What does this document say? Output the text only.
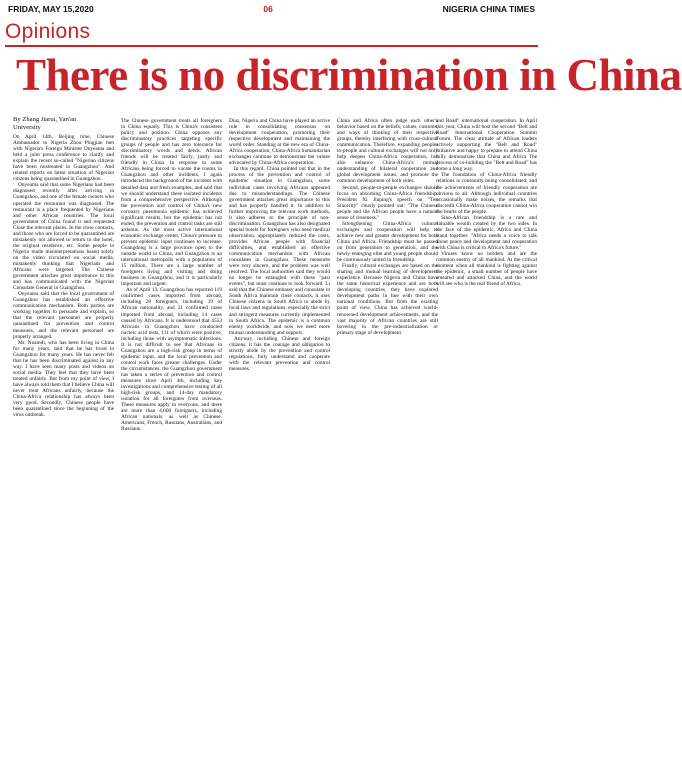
FRIDAY, MAY 15,2020	06	NIGERIA CHINA TIMES
Opinions
There is no discrimination in China
By Zhang Jiarui, Yan'an
University

On April 14th, Beijing time, Chinese Ambassador to Nigeria Zhou Pingjian met with Nigeria's Foreign Minister Onyeama and held a joint press conference to clarify and explain the recent so-called "Nigerian citizens have been mistreated in Guangzhou". And related reports on latest situation of Nigerian citizens being quarantined in Guangzhou.

Onyeama said that some Nigerians had been diagnosed recently after arriving in Guangzhou, and one of the female owners who operated the restaurant was diagnosed. The restaurant is a place frequented by Nigerians and other African countries. The local government of China found it and requested Close the relevant places. In the close contacts, and those who are forced to be quarantined are mistakenly not allowed to return to the hotel, the original residence, etc. Some people in Nigeria made misinterpretations based solely on the video circulated on social media, mistakenly thinking that Nigerians and Africans were targeted. The Chinese government attaches great importance to this and has communicated with the Nigerian Consulate General in Guangzhou.

Onyeama said that the local government of Guangzhou has established an effective communication mechanism. Both parties are working together to persuade and explain, so that the relevant personnel are properly quarantined for prevention and control measures, and the relevant personnel are properly arranged.

Mr. Nnamdi, who has been living in China for many years, said that he has lived in Guangzhou for many years. He has never felt that he has been discriminated against in any way. I have seen many posts and videos on social media. They feel that they have been treated unfairly. But from my point of view, I have always told them that I believe China will never treat Africans unfairly, because the China-Africa relationship has always been very good. Secondly, Chinese people have been quarantined since the beginning of the virus outbreak.

The Chinese government treats all foreigners in China equally. This is China's consistent policy and position. China opposes any discriminatory practices targeting specific groups of people and has zero tolerance for discriminatory words and deeds. African friends will be treated fairly, justly and friendly in China. In response to some Africans being forced to vacate the rooms in Guangzhou and other incidents, I again introduced the background of the incident with detailed data and fresh examples, and said that we should understand these isolated incidents from a comprehensive perspective. Although the prevention and control of China's new coronary pneumonia epidemic has achieved significant results, but the epidemic has not ended, the prevention and control tasks are still arduous. As the most active international economic exchange center, China's pressure to prevent epidemic input continues to increase. Guangdong is a large province open to the outside world in China, and Guangzhou is an international metropolis with a population of 15 million. There are a large number of foreigners living and visiting and doing business in Guangzhou, and it is particularly important and urgent.

As of April 13, Guangzhou has reported 119 confirmed cases imported from abroad, including 28 foreigners, including 19 of African nationality, and 31 confirmed cases imported from abroad, including 14 cases caused by Africans. It is understood that 4553 Africans in Guangzhou have conducted nucleic acid tests, 111 of which were positive, including those with asymptomatic infections. It is not difficult to see that Africans in Guangzhou are a high-risk group in terms of epidemic input, and the local prevention and control work faces greater challenges. Under the circumstances, the Guangzhou government has taken a series of prevention and control measures since April 4th, including key investigations and comprehensive testing of all high-risk groups, and 14-day mandatory isolation for all foreigners from overseas. These measures apply to everyone, and there are more than 4,600 foreigners, including African nationals, as well as Chinese. Americans, French, Russians, Australians, and Russians.

Diaz, Nigeria and China have played an active role in consolidating consensus on development cooperation, promoting their respective development and maintaining the world order. Standing at the new era of China-Africa cooperation, China-Africa humanitarian exchanges continue to demonstrate the values advocated by China-Africa cooperation.

In this regard, China pointed out that in the process of the prevention and control of epidemic situation in Guangzhou, some individual cases involving Africans appeared due to misunderstandings. The Chinese government attaches great importance to this and has properly handled it. In addition to further improving the relevant work methods, it also adheres to the principle of non-discrimination. Guangzhou has also designated special hotels for foreigners who need medical observation, appropriately reduced the costs, provides African people with financial difficulties, and established an effective communication mechanism with African consulates in Guangzhou. These measures were very sincere, and the problem was well resolved. The local authorities said they would no longer be entangled with these "past events", but must continue to look forward. Li said that the Chinese embassy and consulate in South Africa maintain close contacts, it uses Chinese citizens in South Africa to abide by local laws and regulations, especially the strict and stringent measures currently implemented in South Africa. The epidemic is a common enemy worldwide, and now we need more mutual understanding and support.

Anyway, including Chinese and foreign citizens, it has the courage and obligation to strictly abide by the prevention and control regulations, fully understand and cooperate with the relevant prevention and control measures.

China and Africa often judge each other's behavior based on the beliefs, values, customs, and ways of thinking of their respective groups, thereby interfering with cross-cultural communication. Therefore, expanding people-to-people and cultural exchanges will not only help deepen China-Africa cooperation, but also enhance China-Africa's mutual understanding of bilateral cooperation and global development issues, and promote the common development of both sides.

Second, people-to-people exchanges should focus on absorbing China-Africa friendship. President Xi Jinping's speech on "Ten Sincerity" clearly pointed out: "The Chinese people and the African people have a natural sense of closeness."

Strengthening China-Africa cultural exchanges and cooperation will help to achieve new and greater development for both China and Africa. Friendship must be passed on from generation to generation, and the newly emerging elite and young people should be continuously united in friendship.

Finally, cultural exchanges are based on the sharing and mutual learning of development experience. Because Nigeria and China have the same historical experience and are both developing countries, they have explored development paths in line with their own national conditions. But from the existing point of view, China has achieved world-renowned development achievements, and the vast majority of African countries are still hovering in the pre-industrialization or primary stage of development.

and Road" international cooperation. In April this year, China will host the second "Belt and Road" International Cooperation Summit Forum. The clear attitude of African leaders actively supporting the "Belt and Road" Initiative and happy to prepare to attend China fully demonstrate that China and Africa The process of co-building the "Belt and Road" has come a long way.

The foundation of China-Africa friendly relations is constantly being consolidated, and the achievements of friendly cooperation are obvious to all. Although individual countries occasionally make noises, the remarks that discredit China-Africa cooperation cannot win the hearts of the people.

Sino-African friendship is a rare and valuable wealth created by the two sides. In the face of the epidemic, Africa and China stand together. "Africa needs a voice to talk about peace and development and cooperation with China is critical to Africa's future."

Viruses know no borders and are the common enemy of all mankind. At the critical moment when all mankind is fighting against the epidemic, a small number of people have smeared and attacked China, and the world will see who is the real friend of Africa.
